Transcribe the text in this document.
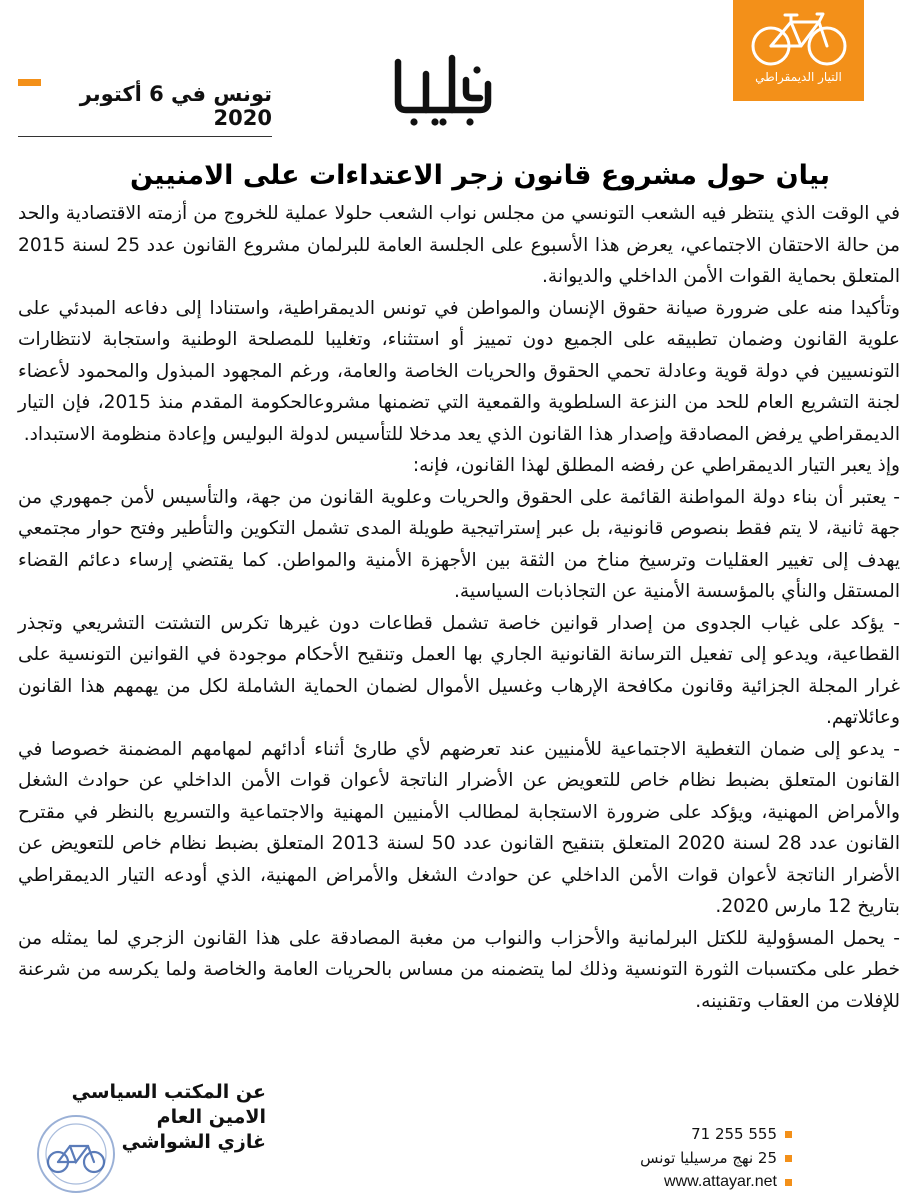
التيار الديمقراطي
تونس في 6 أكتوبر 2020
بيان حول مشروع قانون زجر الاعتداءات على الامنيين

في الوقت الذي ينتظر فيه الشعب التونسي من مجلس نواب الشعب حلولا عملية للخروج من أزمته الاقتصادية والحد من حالة الاحتقان الاجتماعي، يعرض هذا الأسبوع على الجلسة العامة للبرلمان مشروع القانون عدد 25 لسنة 2015 المتعلق بحماية القوات الأمن الداخلي والديوانة.

وتأكيدا منه على ضرورة صيانة حقوق الإنسان والمواطن في تونس الديمقراطية، واستنادا إلى دفاعه المبدئي على علوية القانون وضمان تطبيقه على الجميع دون تمييز أو استثناء، وتغليبا للمصلحة الوطنية واستجابة لانتظارات التونسيين في دولة قوية وعادلة تحمي الحقوق والحريات الخاصة والعامة، ورغم المجهود المبذول والمحمود لأعضاء لجنة التشريع العام للحد من النزعة السلطوية والقمعية التي تضمنها مشروعالحكومة المقدم منذ 2015، فإن التيار الديمقراطي يرفض المصادقة وإصدار هذا القانون الذي يعد مدخلا للتأسيس لدولة البوليس وإعادة منظومة الاستبداد.

وإذ يعبر التيار الديمقراطي عن رفضه المطلق لهذا القانون، فإنه:

- يعتبر أن بناء دولة المواطنة القائمة على الحقوق والحريات وعلوية القانون من جهة، والتأسيس لأمن جمهوري من جهة ثانية، لا يتم فقط بنصوص قانونية، بل عبر إستراتيجية طويلة المدى تشمل التكوين والتأطير وفتح حوار مجتمعي يهدف إلى تغيير العقليات وترسيخ مناخ من الثقة بين الأجهزة الأمنية والمواطن. كما يقتضي إرساء دعائم القضاء المستقل والنأي بالمؤسسة الأمنية عن التجاذبات السياسية.

- يؤكد على غياب الجدوى من إصدار قوانين خاصة تشمل قطاعات دون غيرها تكرس التشتت التشريعي وتجذر القطاعية، ويدعو إلى تفعيل الترسانة القانونية الجاري بها العمل وتنقيح الأحكام موجودة في القوانين التونسية على غرار المجلة الجزائية وقانون مكافحة الإرهاب وغسيل الأموال لضمان الحماية الشاملة لكل من يهمهم هذا القانون وعائلاتهم.

- يدعو إلى ضمان التغطية الاجتماعية للأمنيين عند تعرضهم لأي طارئ أثناء أدائهم لمهامهم المضمنة خصوصا في القانون المتعلق بضبط نظام خاص للتعويض عن الأضرار الناتجة لأعوان قوات الأمن الداخلي عن حوادث الشغل والأمراض المهنية، ويؤكد على ضرورة الاستجابة لمطالب الأمنيين المهنية والاجتماعية والتسريع بالنظر في مقترح القانون عدد 28 لسنة 2020 المتعلق بتنقيح القانون عدد 50 لسنة 2013 المتعلق بضبط نظام خاص للتعويض عن الأضرار الناتجة لأعوان قوات الأمن الداخلي عن حوادث الشغل والأمراض المهنية، الذي أودعه التيار الديمقراطي بتاريخ 12 مارس 2020.

- يحمل المسؤولية للكتل البرلمانية والأحزاب والنواب من مغبة المصادقة على هذا القانون الزجري لما يمثله من خطر على مكتسبات الثورة التونسية وذلك لما يتضمنه من مساس بالحريات العامة والخاصة ولما يكرسه من شرعنة للإفلات من العقاب وتقنينه.

عن المكتب السياسي
الامين العام
غازي الشواشي	71 255 555
25 نهج مرسيليا تونس
www.attayar.net
